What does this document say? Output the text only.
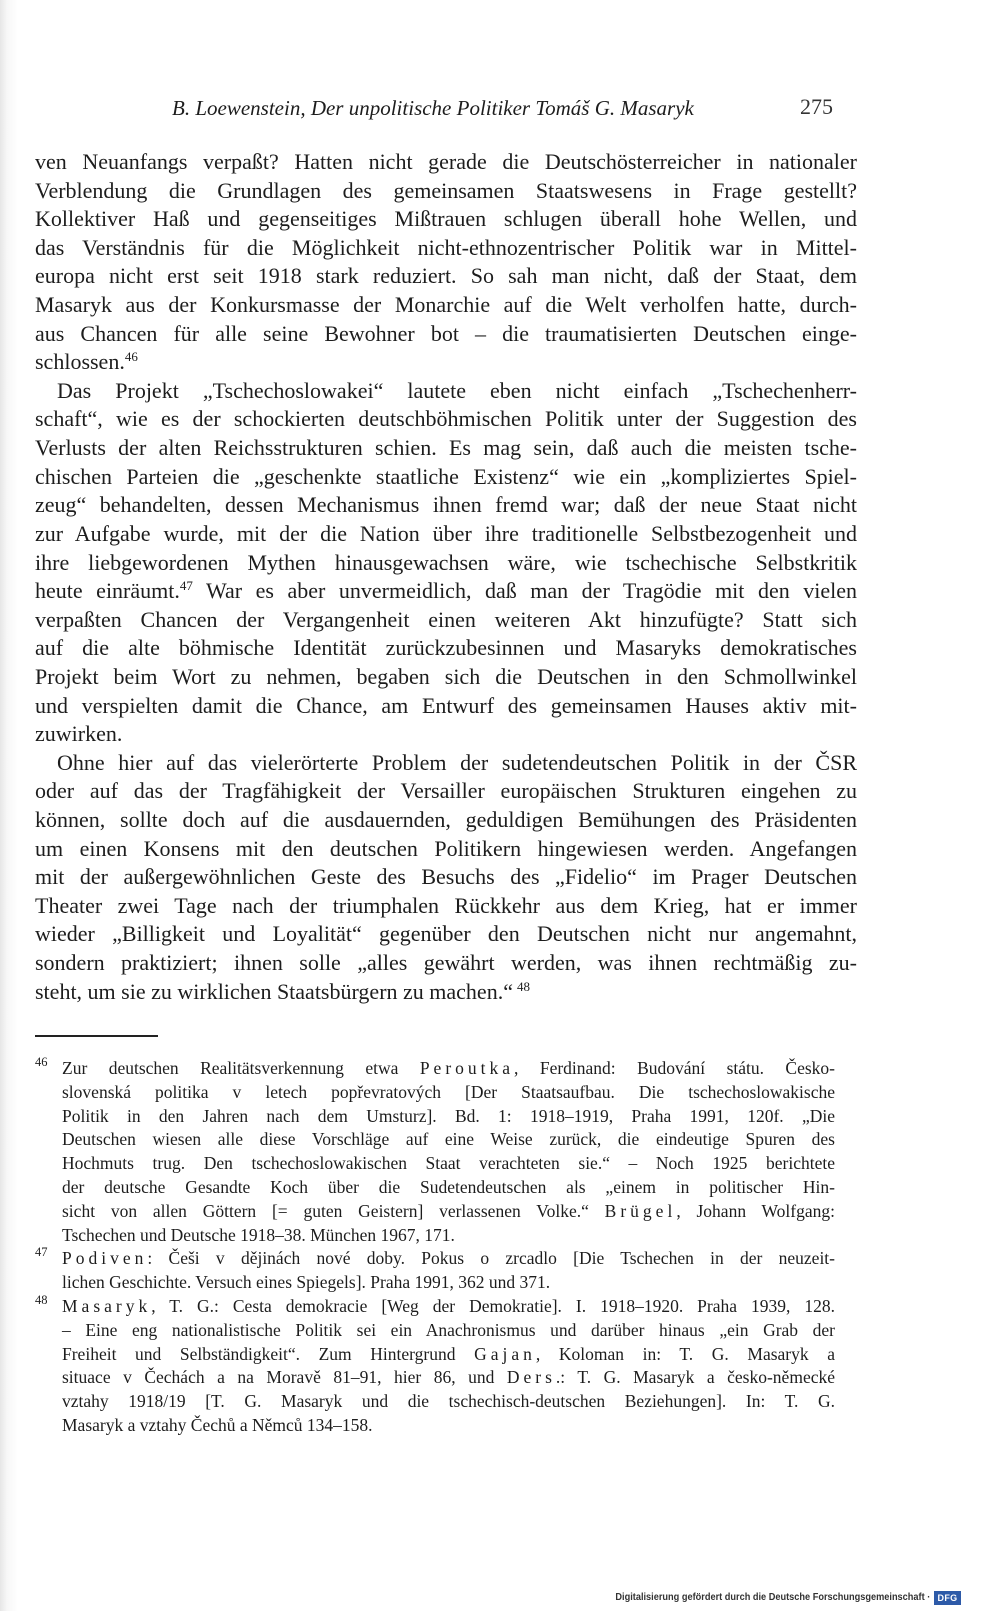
B. Loewenstein, Der unpolitische Politiker Tomáš G. Masaryk	275
ven Neuanfangs verpaßt? Hatten nicht gerade die Deutschösterreicher in nationaler
Verblendung die Grundlagen des gemeinsamen Staatswesens in Frage gestellt?
Kollektiver Haß und gegenseitiges Mißtrauen schlugen überall hohe Wellen, und
das Verständnis für die Möglichkeit nicht-ethnozentrischer Politik war in Mittel-
europa nicht erst seit 1918 stark reduziert. So sah man nicht, daß der Staat, dem
Masaryk aus der Konkursmasse der Monarchie auf die Welt verholfen hatte, durch-
aus Chancen für alle seine Bewohner bot – die traumatisierten Deutschen einge-
schlossen.$^{46}$
Das Projekt „Tschechoslowakei“ lautete eben nicht einfach „Tschechenherr-
schaft“, wie es der schockierten deutschböhmischen Politik unter der Suggestion des
Verlusts der alten Reichsstrukturen schien. Es mag sein, daß auch die meisten tsche-
chischen Parteien die „geschenkte staatliche Existenz“ wie ein „kompliziertes Spiel-
zeug“ behandelten, dessen Mechanismus ihnen fremd war; daß der neue Staat nicht
zur Aufgabe wurde, mit der die Nation über ihre traditionelle Selbstbezogenheit und
ihre liebgewordenen Mythen hinausgewachsen wäre, wie tschechische Selbstkritik
heute einräumt.$^{47}$ War es aber unvermeidlich, daß man der Tragödie mit den vielen
verpaßten Chancen der Vergangenheit einen weiteren Akt hinzufügte? Statt sich
auf die alte böhmische Identität zurückzubesinnen und Masaryks demokratisches
Projekt beim Wort zu nehmen, begaben sich die Deutschen in den Schmollwinkel
und verspielten damit die Chance, am Entwurf des gemeinsamen Hauses aktiv mit-
zuwirken.
Ohne hier auf das vielerörterte Problem der sudetendeutschen Politik in der ČSR
oder auf das der Tragfähigkeit der Versailler europäischen Strukturen eingehen zu
können, sollte doch auf die ausdauernden, geduldigen Bemühungen des Präsidenten
um einen Konsens mit den deutschen Politikern hingewiesen werden. Angefangen
mit der außergewöhnlichen Geste des Besuchs des „Fidelio“ im Prager Deutschen
Theater zwei Tage nach der triumphalen Rückkehr aus dem Krieg, hat er immer
wieder „Billigkeit und Loyalität“ gegenüber den Deutschen nicht nur angemahnt,
sondern praktiziert; ihnen solle „alles gewährt werden, was ihnen rechtmäßig zu-
steht, um sie zu wirklichen Staatsbürgern zu machen.“ $^{48}$
46 Zur deutschen Realitätsverkennung etwa Peroutka, Ferdinand: Budování státu. Česko-
slovenská politika v letech popřevratových [Der Staatsaufbau. Die tschechoslowakische
Politik in den Jahren nach dem Umsturz]. Bd. 1: 1918–1919, Praha 1991, 120f. „Die
Deutschen wiesen alle diese Vorschläge auf eine Weise zurück, die eindeutige Spuren des
Hochmuts trug. Den tschechoslowakischen Staat verachteten sie.“ – Noch 1925 berichtete
der deutsche Gesandte Koch über die Sudetendeutschen als „einem in politischer Hin-
sicht von allen Göttern [= guten Geistern] verlassenen Volke.“ Brügel, Johann Wolfgang:
Tschechen und Deutsche 1918–38. München 1967, 171.
47 Podiven: Češi v dějinách nové doby. Pokus o zrcadlo [Die Tschechen in der neuzeit-
lichen Geschichte. Versuch eines Spiegels]. Praha 1991, 362 und 371.
48 Masaryk, T. G.: Cesta demokracie [Weg der Demokratie]. I. 1918–1920. Praha 1939, 128.
– Eine eng nationalistische Politik sei ein Anachronismus und darüber hinaus „ein Grab der
Freiheit und Selbständigkeit“. Zum Hintergrund Gajan, Koloman in: T. G. Masaryk a
situace v Čechách a na Moravě 81–91, hier 86, und Ders.: T. G. Masaryk a česko-německé
vztahy 1918/19 [T. G. Masaryk und die tschechisch-deutschen Beziehungen]. In: T. G.
Masaryk a vztahy Čechů a Němců 134–158.
Digitalisierung gefördert durch die Deutsche Forschungsgemeinschaft · DFG
